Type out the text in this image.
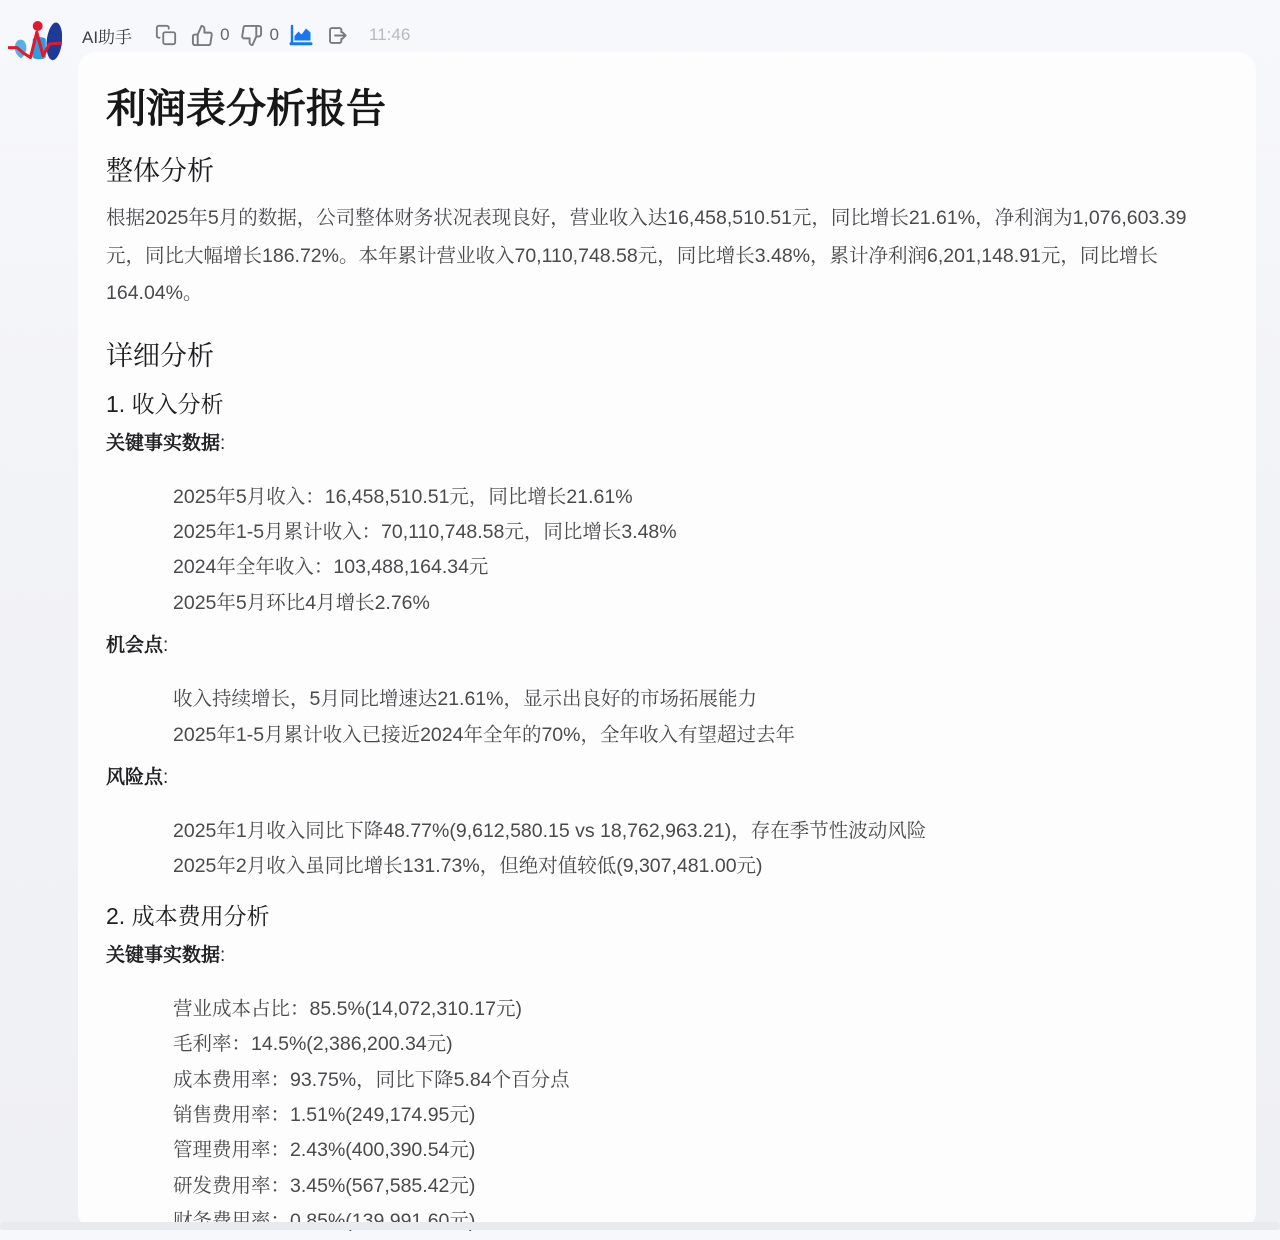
AI助手	0 0	11:46
利润表分析报告
整体分析

根据2025年5月的数据，公司整体财务状况表现良好，营业收入达16,458,510.51元，同比增长21.61%，净利润为1,076,603.39元，同比大幅增长186.72%。本年累计营业收入70,110,748.58元，同比增长3.48%，累计净利润6,201,148.91元，同比增长164.04%。

详细分析
1. 收入分析

关键事实数据:

2025年5月收入：16,458,510.51元，同比增长21.61%
2025年1-5月累计收入：70,110,748.58元，同比增长3.48%
2024年全年收入：103,488,164.34元
2025年5月环比4月增长2.76%

机会点:

收入持续增长，5月同比增速达21.61%，显示出良好的市场拓展能力
2025年1-5月累计收入已接近2024年全年的70%，全年收入有望超过去年

风险点:

2025年1月收入同比下降48.77%(9,612,580.15 vs 18,762,963.21)，存在季节性波动风险
2025年2月收入虽同比增长131.73%，但绝对值较低(9,307,481.00元)
2. 成本费用分析

关键事实数据:

营业成本占比：85.5%(14,072,310.17元)
毛利率：14.5%(2,386,200.34元)
成本费用率：93.75%，同比下降5.84个百分点
销售费用率：1.51%(249,174.95元)
管理费用率：2.43%(400,390.54元)
研发费用率：3.45%(567,585.42元)
